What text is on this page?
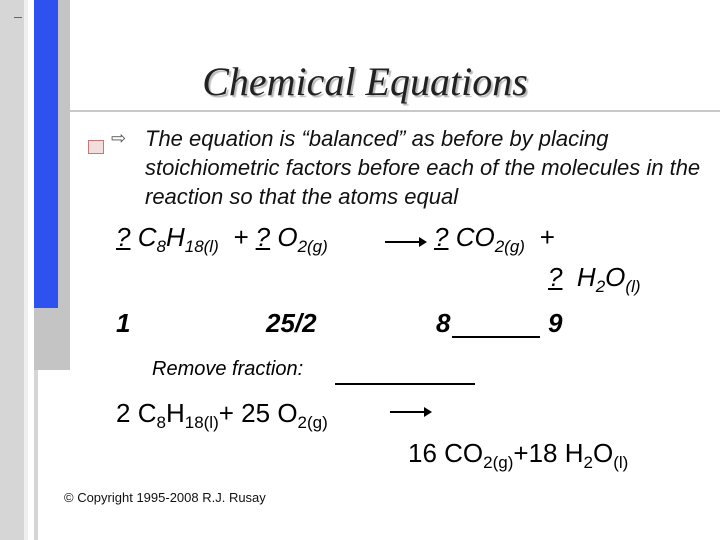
Chemical Equations
⇨ The equation is “balanced” as before by placing stoichiometric factors before each of the molecules in the reaction so that the atoms equal
? $C_8H_{18(l)}$ + ? $O_{2(g)}$	→ ? $CO_{2(g)}$ +
? $H_2O_{(l)}$
1	25/2	8	9
Remove fraction:
2 $C_8H_{18(l)}+ 25$ $O_{2(g)}$
16 $CO_{2(g)}+18$ $H_2O_{(l)}$
© Copyright 1995-2008 R.J. Rusay
